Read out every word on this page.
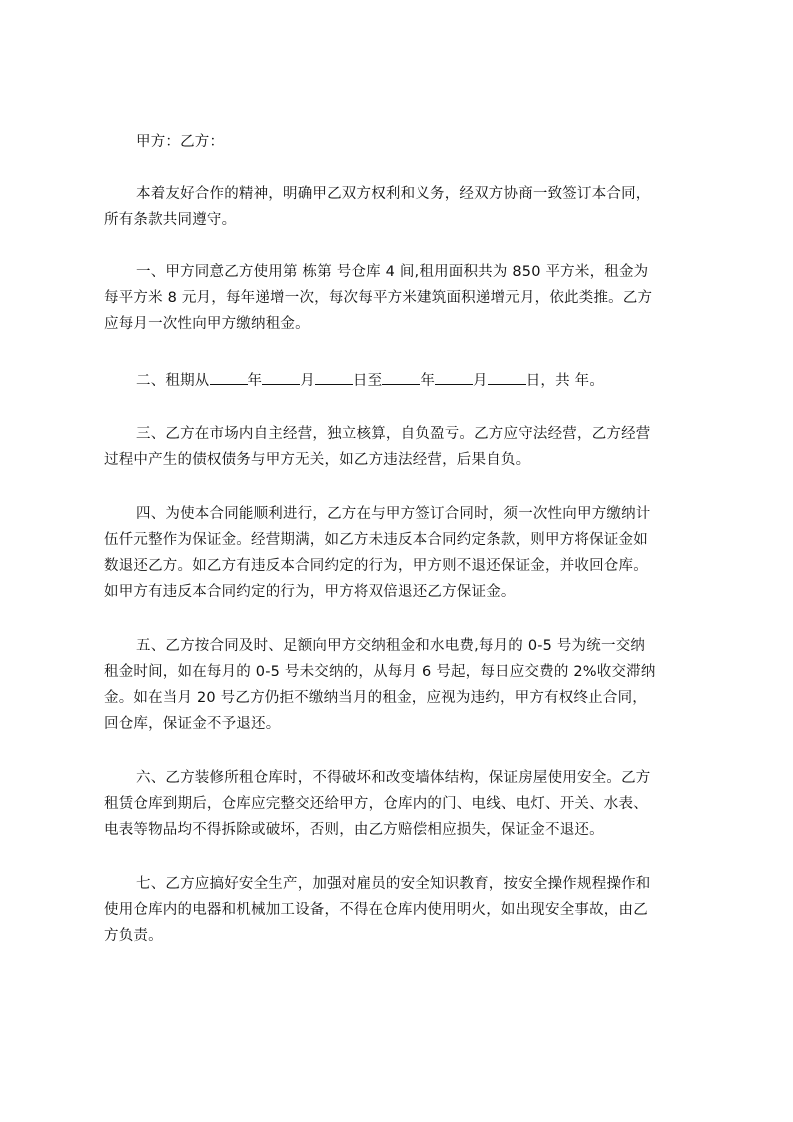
甲方：乙方：
本着友好合作的精神，明确甲乙双方权利和义务，经双方协商一致签订本合同，
所有条款共同遵守。
一、甲方同意乙方使用第 栋第 号仓库 4 间,租用面积共为 850 平方米，租金为
每平方米 8 元月，每年递增一次，每次每平方米建筑面积递增元月，依此类推。乙方
应每月一次性向甲方缴纳租金。
二、租期从	年	月	日至	年	月	日，共 年。
三、乙方在市场内自主经营，独立核算，自负盈亏。乙方应守法经营，乙方经营
过程中产生的债权债务与甲方无关，如乙方违法经营，后果自负。
四、为使本合同能顺利进行，乙方在与甲方签订合同时，须一次性向甲方缴纳计
伍仟元整作为保证金。经营期满，如乙方未违反本合同约定条款，则甲方将保证金如
数退还乙方。如乙方有违反本合同约定的行为，甲方则不退还保证金，并收回仓库。
如甲方有违反本合同约定的行为，甲方将双倍退还乙方保证金。
五、乙方按合同及时、足额向甲方交纳租金和水电费,每月的 0-5 号为统一交纳
租金时间，如在每月的 0-5 号未交纳的，从每月 6 号起，每日应交费的 2%收交滞纳
金。如在当月 20 号乙方仍拒不缴纳当月的租金，应视为违约，甲方有权终止合同，
回仓库，保证金不予退还。
六、乙方装修所租仓库时，不得破坏和改变墙体结构，保证房屋使用安全。乙方
租赁仓库到期后，仓库应完整交还给甲方，仓库内的门、电线、电灯、开关、水表、
电表等物品均不得拆除或破坏，否则，由乙方赔偿相应损失，保证金不退还。
七、乙方应搞好安全生产，加强对雇员的安全知识教育，按安全操作规程操作和
使用仓库内的电器和机械加工设备，不得在仓库内使用明火，如出现安全事故，由乙
方负责。
